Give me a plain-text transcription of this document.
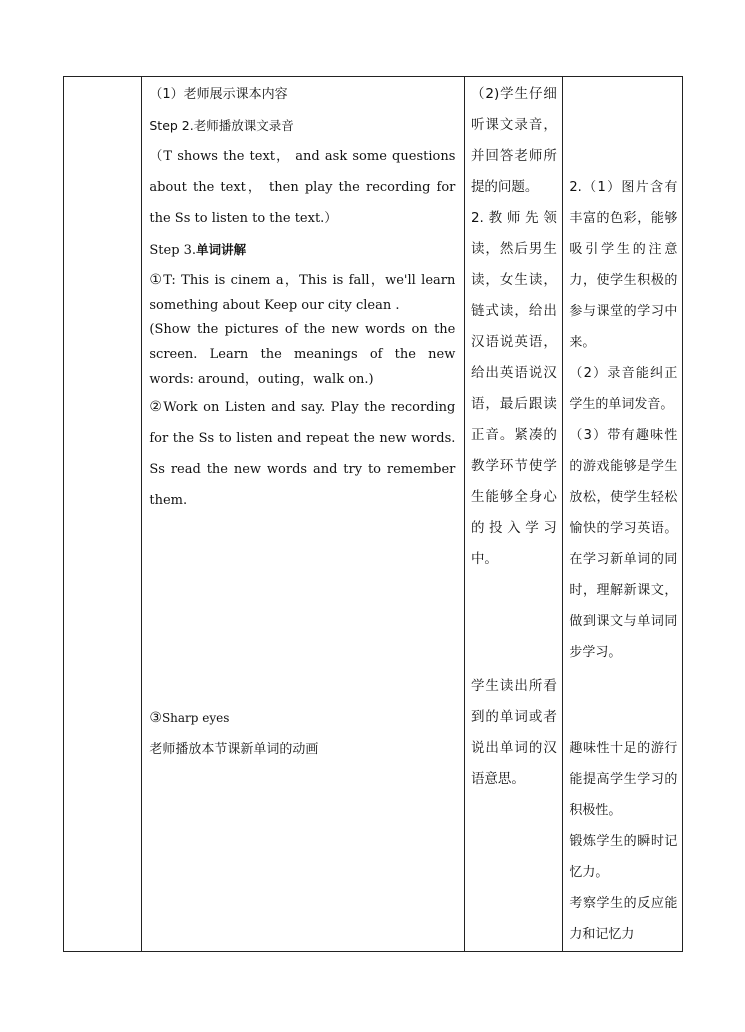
（1）老师展示课本内容
Step 2.老师播放课文录音
（T shows the text， and ask some questions about the text， then play the recording for the Ss to listen to the text.）
Step 3.单词讲解
①T: This is cinem a，This is fall，we'll learn something about Keep our city clean .
(Show the pictures of the new words on the screen. Learn the meanings of the new words: around，outing，walk on.)
②Work on Listen and say. Play the recording for the Ss to listen and repeat the new words. Ss read the new words and try to remember them.
③Sharp eyes
老师播放本节课新单词的动画

（2)学生仔细听课文录音，并回答老师所提的问题。
2.教师先领读，然后男生读，女生读，链式读，给出汉语说英语，给出英语说汉语，最后跟读正音。紧凑的教学环节使学生能够全身心的投入学习中。
学生读出所看到的单词或者说出单词的汉语意思。

2.（1）图片含有丰富的色彩，能够吸引学生的注意力，使学生积极的参与课堂的学习中来。
（2）录音能纠正学生的单词发音。
（3）带有趣味性的游戏能够是学生放松，使学生轻松愉快的学习英语。在学习新单词的同时，理解新课文，做到课文与单词同步学习。
趣味性十足的游行能提高学生学习的积极性。
锻炼学生的瞬时记忆力。
考察学生的反应能力和记忆力
